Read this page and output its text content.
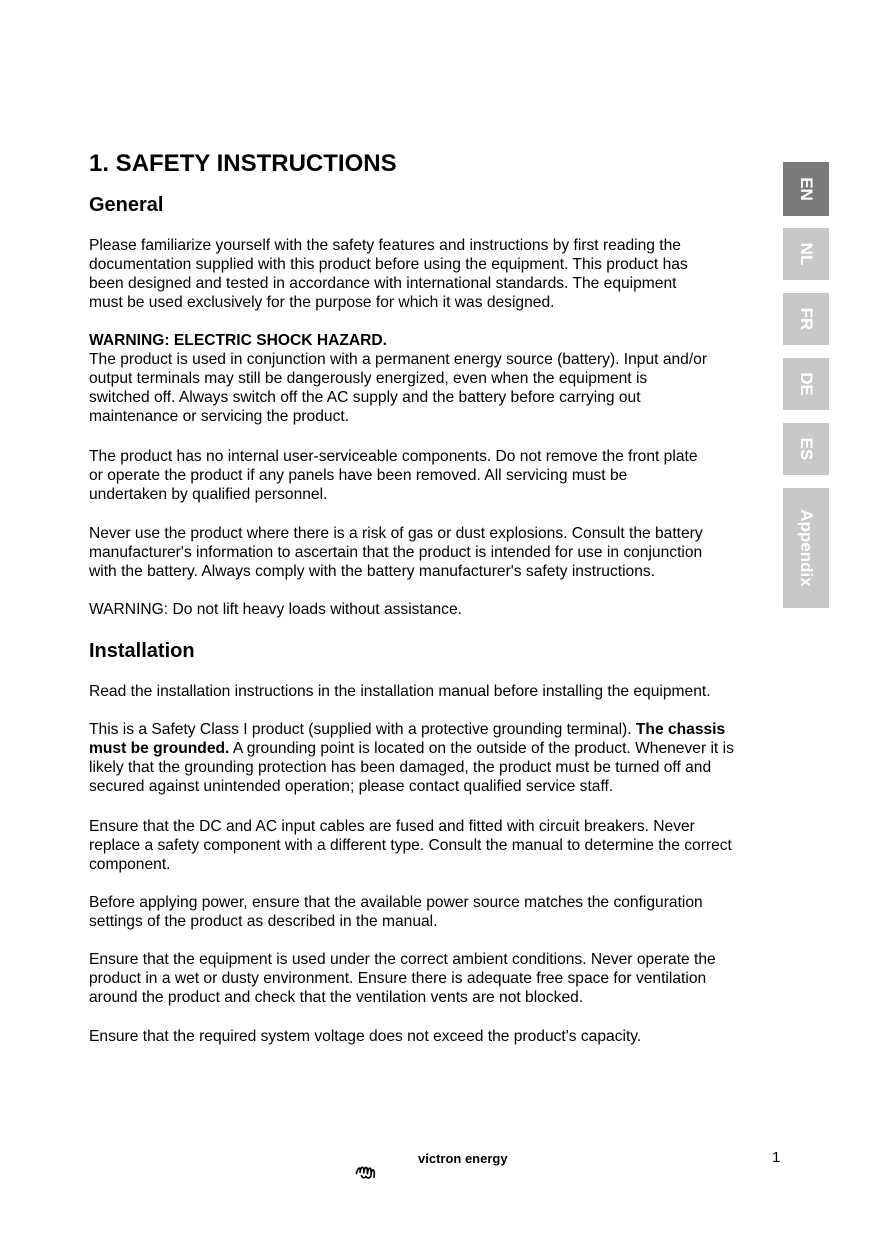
1. SAFETY INSTRUCTIONS
General

Please familiarize yourself with the safety features and instructions by first reading the
documentation supplied with this product before using the equipment. This product has
been designed and tested in accordance with international standards. The equipment
must be used exclusively for the purpose for which it was designed.

WARNING: ELECTRIC SHOCK HAZARD.
The product is used in conjunction with a permanent energy source (battery). Input and/or
output terminals may still be dangerously energized, even when the equipment is
switched off. Always switch off the AC supply and the battery before carrying out
maintenance or servicing the product.

The product has no internal user-serviceable components. Do not remove the front plate
or operate the product if any panels have been removed. All servicing must be
undertaken by qualified personnel.

Never use the product where there is a risk of gas or dust explosions. Consult the battery
manufacturer's information to ascertain that the product is intended for use in conjunction
with the battery. Always comply with the battery manufacturer's safety instructions.

WARNING: Do not lift heavy loads without assistance.

Installation

Read the installation instructions in the installation manual before installing the equipment.

This is a Safety Class I product (supplied with a protective grounding terminal). The chassis
must be grounded. A grounding point is located on the outside of the product. Whenever it is
likely that the grounding protection has been damaged, the product must be turned off and
secured against unintended operation; please contact qualified service staff.

Ensure that the DC and AC input cables are fused and fitted with circuit breakers. Never
replace a safety component with a different type. Consult the manual to determine the correct
component.

Before applying power, ensure that the available power source matches the configuration
settings of the product as described in the manual.

Ensure that the equipment is used under the correct ambient conditions. Never operate the
product in a wet or dusty environment. Ensure there is adequate free space for ventilation
around the product and check that the ventilation vents are not blocked.

Ensure that the required system voltage does not exceed the product's capacity.

EN
NL
FR
DE
ES
Appendix
victron energy	1
